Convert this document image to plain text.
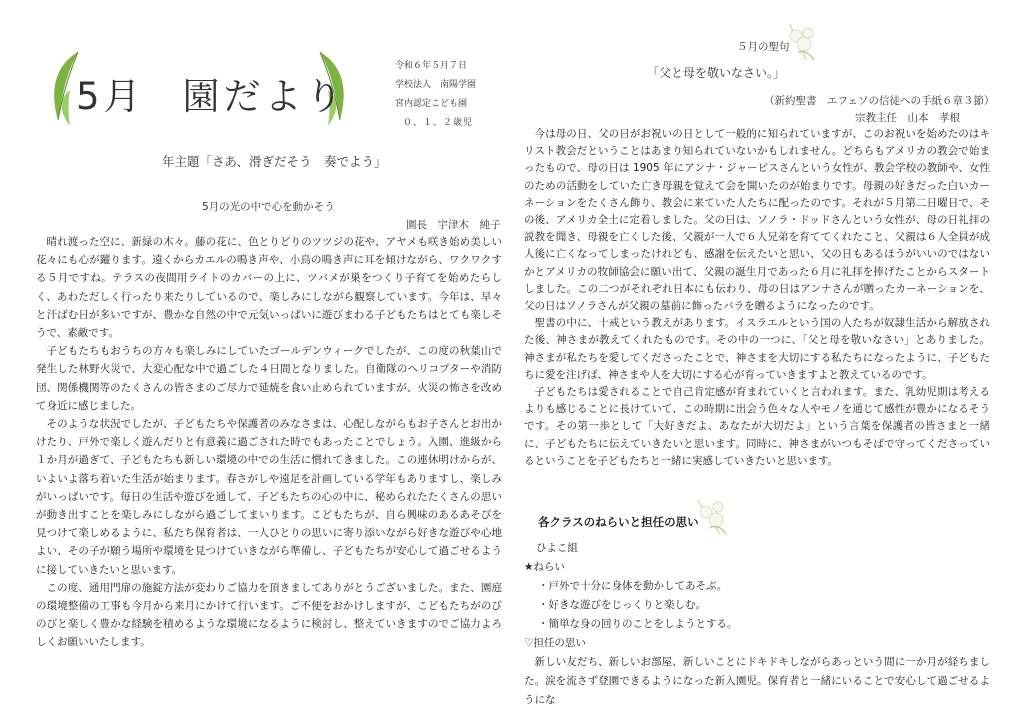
5月 園だより
令和６年５月７日
学校法人　南陽学園
宮内認定こども園
０、１、２歳児
年主題「さあ、滑ぎだそう　奏でよう」
5月の光の中で心を動かそう
園長　宇津木　純子

晴れ渡った空に、新緑の木々。藤の花に、色とりどりのツツジの花や、アヤメも咲き始め美しい花々にも心が躍ります。遠くからカエルの鳴き声や、小鳥の鳴き声に耳を傾けながら、ワクワクする５月ですね。テラスの夜間用ライトのカバーの上に、ツバメが巣をつくり子育てを始めたらしく、あわただしく行ったり来たりしているので、楽しみにしながら観察しています。今年は、早々と汗ばむ日が多いですが、豊かな自然の中で元気いっぱいに遊びまわる子どもたちはとても楽しそうで、素敵です。

子どもたちもおうちの方々も楽しみにしていたゴールデンウィークでしたが、この度の秋葉山で発生した林野火災で、大変心配な中で過ごした４日間となりました。自衛隊のヘリコプターや消防団、関係機関等のたくさんの皆さまのご尽力で延焼を食い止められていますが、火災の怖さを改めて身近に感じました。

そのような状況でしたが、子どもたちや保護者のみなさまは、心配しながらもお子さんとお出かけたり、戸外で楽しく遊んだりと有意義に過ごされた時でもあったことでしょう。入園、進級から１か月が過ぎて、子どもたちも新しい環境の中での生活に慣れてきました。この連休明けからが、いよいよ落ち着いた生活が始まります。春さがしや遠足を計画している学年もありますし、楽しみがいっぱいです。毎日の生活や遊びを通して、子どもたちの心の中に、秘められたたくさんの思いが動き出すことを楽しみにしながら過ごしてまいります。こどもたちが、自ら興味のあるあそびを見つけて楽しめるように、私たち保育者は、一人ひとりの思いに寄り添いながら好きな遊びや心地よい、その子が願う場所や環境を見つけていきながら準備し、子どもたちが安心して過ごせるように接していきたいと思います。

この度、通用門扉の施錠方法が変わりご協力を頂きましてありがとうございました。また、園庭の環境整備の工事も今月から来月にかけて行います。ご不便をおかけしますが、こどもたちがのびのびと楽しく豊かな経験を積めるような環境になるように検討し、整えていきますのでご協力よろしくお願いいたします。

５月の聖句
「父と母を敬いなさい。」
（新約聖書　エフェソの信徒への手紙６章３節）
宗教主任　山本　孝根

今は母の日、父の日がお祝いの日として一般的に知られていますが、このお祝いを始めたのはキリスト教会だということはあまり知られていないかもしれません。どちらもアメリカの教会で始まったもので、母の日は 1905 年にアンナ・ジャービスさんという女性が、教会学校の教師や、女性のための活動をしていた亡き母親を覚えて会を開いたのが始まりです。母親の好きだった白いカーネーションをたくさん飾り、教会に来ていた人たちに配ったのです。それが５月第二日曜日で、その後、アメリカ全土に定着しました。父の日は、ソノラ・ドッドさんという女性が、母の日礼拝の説教を聞き、母親を亡くした後、父親が一人で６人兄弟を育ててくれたこと、父親は６人全員が成人後に亡くなってしまったけれども、感謝を伝えたいと思い、父の日もあるほうがいいのではないかとアメリカの牧師協会に願い出て、父親の誕生月であった６月に礼拝を捧げたことからスタートしました。この二つがそれぞれ日本にも伝わり、母の日はアンナさんが贈ったカーネーションを、父の日はソノラさんが父親の墓前に飾ったバラを贈るようになったのです。

聖書の中に、十戒という教えがあります。イスラエルという国の人たちが奴隷生活から解放された後、神さまが教えてくれたものです。その中の一つに、「父と母を敬いなさい」とありました。神さまが私たちを愛してくださったことで、神さまを大切にする私たちになったように、子どもたちに愛を注げば、神さまや人を大切にする心が育っていきますよと教えているのです。

子どもたちは愛されることで自己肯定感が育まれていくと言われます。また、乳幼児期は考えるよりも感じることに長けていて、この時期に出会う色々な人やモノを通じて感性が豊かになるそうです。その第一歩として「大好きだよ、あなたが大切だよ」という言葉を保護者の皆さまと一緒に、子どもたちに伝えていきたいと思います。同時に、神さまがいつもそばで守ってくださっているということを子どもたちと一緒に実感していきたいと思います。

各クラスのねらいと担任の思い
ひよこ組
★ねらい
・戸外で十分に身体を動かしてあそぶ。
・好きな遊びをじっくりと楽しむ。
・簡単な身の回りのことをしようとする。
♡担任の思い
新しい友だち、新しいお部屋、新しいことにドキドキしながらあっという間に一か月が経ちました。涙を流さず登園できるようになった新入園児。保育者と一緒にいることで安心して過ごせるようにな
